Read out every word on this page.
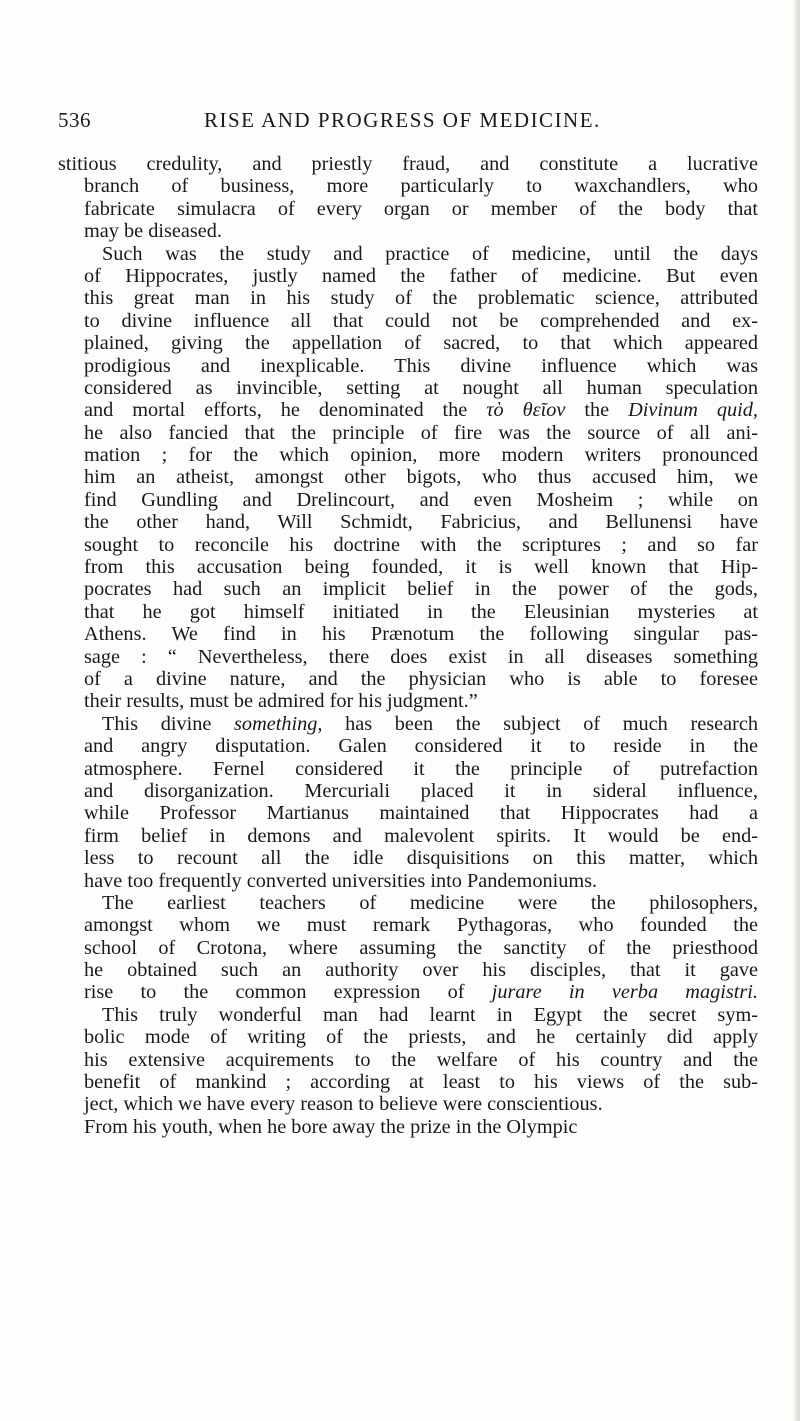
536	RISE AND PROGRESS OF MEDICINE.
stitious credulity, and priestly fraud, and constitute a lucrative
branch of business, more particularly to waxchandlers, who
fabricate simulacra of every organ or member of the body that
may be diseased.
Such was the study and practice of medicine, until the days
of Hippocrates, justly named the father of medicine. But even
this great man in his study of the problematic science, attributed
to divine influence all that could not be comprehended and ex-
plained, giving the appellation of sacred, to that which appeared
prodigious and inexplicable. This divine influence which was
considered as invincible, setting at nought all human speculation
and mortal efforts, he denominated the τὸ θεῖον the Divinum quid,
he also fancied that the principle of fire was the source of all ani-
mation ; for the which opinion, more modern writers pronounced
him an atheist, amongst other bigots, who thus accused him, we
find Gundling and Drelincourt, and even Mosheim ; while on
the other hand, Will Schmidt, Fabricius, and Bellunensi have
sought to reconcile his doctrine with the scriptures ; and so far
from this accusation being founded, it is well known that Hip-
pocrates had such an implicit belief in the power of the gods,
that he got himself initiated in the Eleusinian mysteries at
Athens. We find in his Prænotum the following singular pas-
sage : “ Nevertheless, there does exist in all diseases something
of a divine nature, and the physician who is able to foresee
their results, must be admired for his judgment.”
This divine something, has been the subject of much research
and angry disputation. Galen considered it to reside in the
atmosphere. Fernel considered it the principle of putrefaction
and disorganization. Mercuriali placed it in sideral influence,
while Professor Martianus maintained that Hippocrates had a
firm belief in demons and malevolent spirits. It would be end-
less to recount all the idle disquisitions on this matter, which
have too frequently converted universities into Pandemoniums.
The earliest teachers of medicine were the philosophers,
amongst whom we must remark Pythagoras, who founded the
school of Crotona, where assuming the sanctity of the priesthood
he obtained such an authority over his disciples, that it gave
rise to the common expression of jurare in verba magistri.
This truly wonderful man had learnt in Egypt the secret sym-
bolic mode of writing of the priests, and he certainly did apply
his extensive acquirements to the welfare of his country and the
benefit of mankind ; according at least to his views of the sub-
ject, which we have every reason to believe were conscientious.
From his youth, when he bore away the prize in the Olympic
